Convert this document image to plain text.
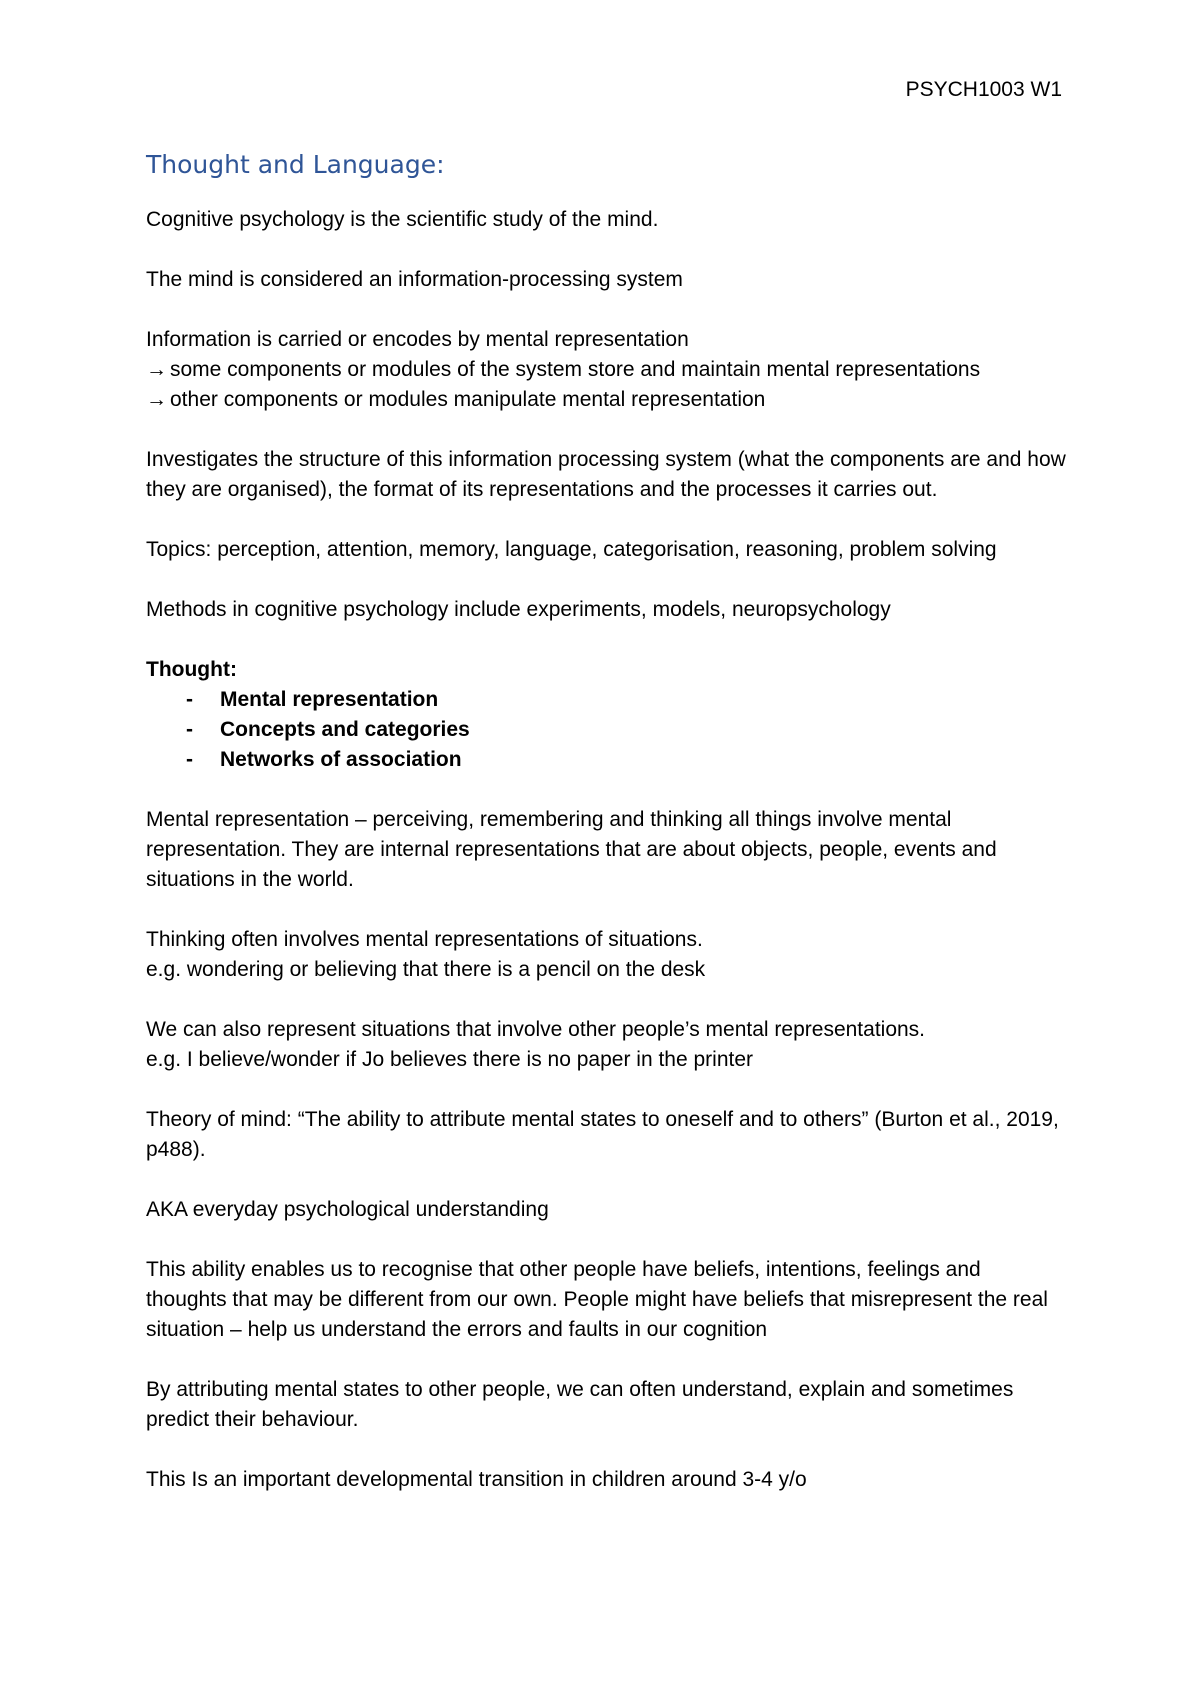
PSYCH1003 W1
Thought and Language:

Cognitive psychology is the scientific study of the mind.

The mind is considered an information-processing system

Information is carried or encodes by mental representation
→ some components or modules of the system store and maintain mental representations
→ other components or modules manipulate mental representation

Investigates the structure of this information processing system (what the components are and how they are organised), the format of its representations and the processes it carries out.

Topics: perception, attention, memory, language, categorisation, reasoning, problem solving

Methods in cognitive psychology include experiments, models, neuropsychology

Thought:
- Mental representation
- Concepts and categories
- Networks of association

Mental representation – perceiving, remembering and thinking all things involve mental representation. They are internal representations that are about objects, people, events and situations in the world.

Thinking often involves mental representations of situations.
e.g. wondering or believing that there is a pencil on the desk

We can also represent situations that involve other people’s mental representations.
e.g. I believe/wonder if Jo believes there is no paper in the printer

Theory of mind: “The ability to attribute mental states to oneself and to others” (Burton et al., 2019, p488).

AKA everyday psychological understanding

This ability enables us to recognise that other people have beliefs, intentions, feelings and thoughts that may be different from our own. People might have beliefs that misrepresent the real situation – help us understand the errors and faults in our cognition

By attributing mental states to other people, we can often understand, explain and sometimes predict their behaviour.

This Is an important developmental transition in children around 3-4 y/o
